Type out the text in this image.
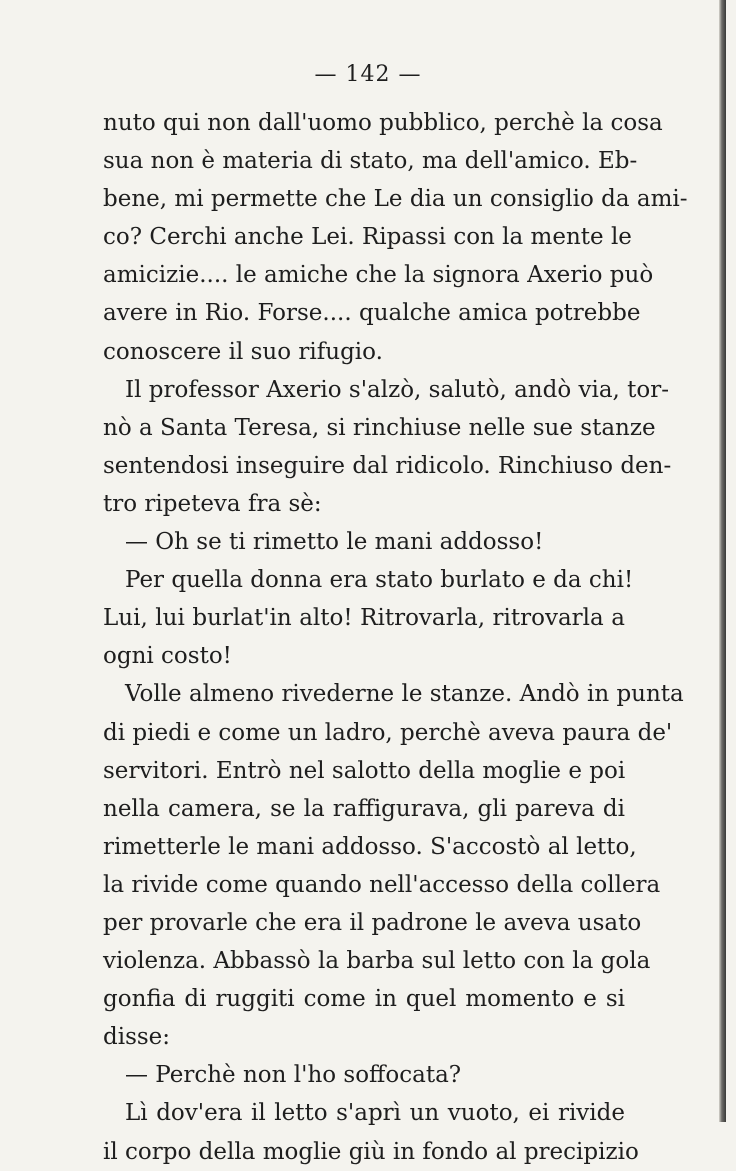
— 142 —
nuto qui non dall'uomo pubblico, perchè la cosa
sua non è materia di stato, ma dell'amico. Eb-
bene, mi permette che Le dia un consiglio da ami-
co? Cerchi anche Lei. Ripassi con la mente le
amicizie.... le amiche che la signora Axerio può
avere in Rio. Forse.... qualche amica potrebbe
conoscere il suo rifugio.
Il professor Axerio s'alzò, salutò, andò via, tor-
nò a Santa Teresa, si rinchiuse nelle sue stanze
sentendosi inseguire dal ridicolo. Rinchiuso den-
tro ripeteva fra sè:
— Oh se ti rimetto le mani addosso!
Per quella donna era stato burlato e da chi!
Lui, lui burlat'in alto! Ritrovarla, ritrovarla a
ogni costo!
Volle almeno rivederne le stanze. Andò in punta
di piedi e come un ladro, perchè aveva paura de'
servitori. Entrò nel salotto della moglie e poi
nella camera, se la raffigurava, gli pareva di
rimetterle le mani addosso. S'accostò al letto,
la rivide come quando nell'accesso della collera
per provarle che era il padrone le aveva usato
violenza. Abbassò la barba sul letto con la gola
gonfia di ruggiti come in quel momento e si
disse:
— Perchè non l'ho soffocata?
Lì dov'era il letto s'aprì un vuoto, ei rivide
il corpo della moglie giù in fondo al precipizio
